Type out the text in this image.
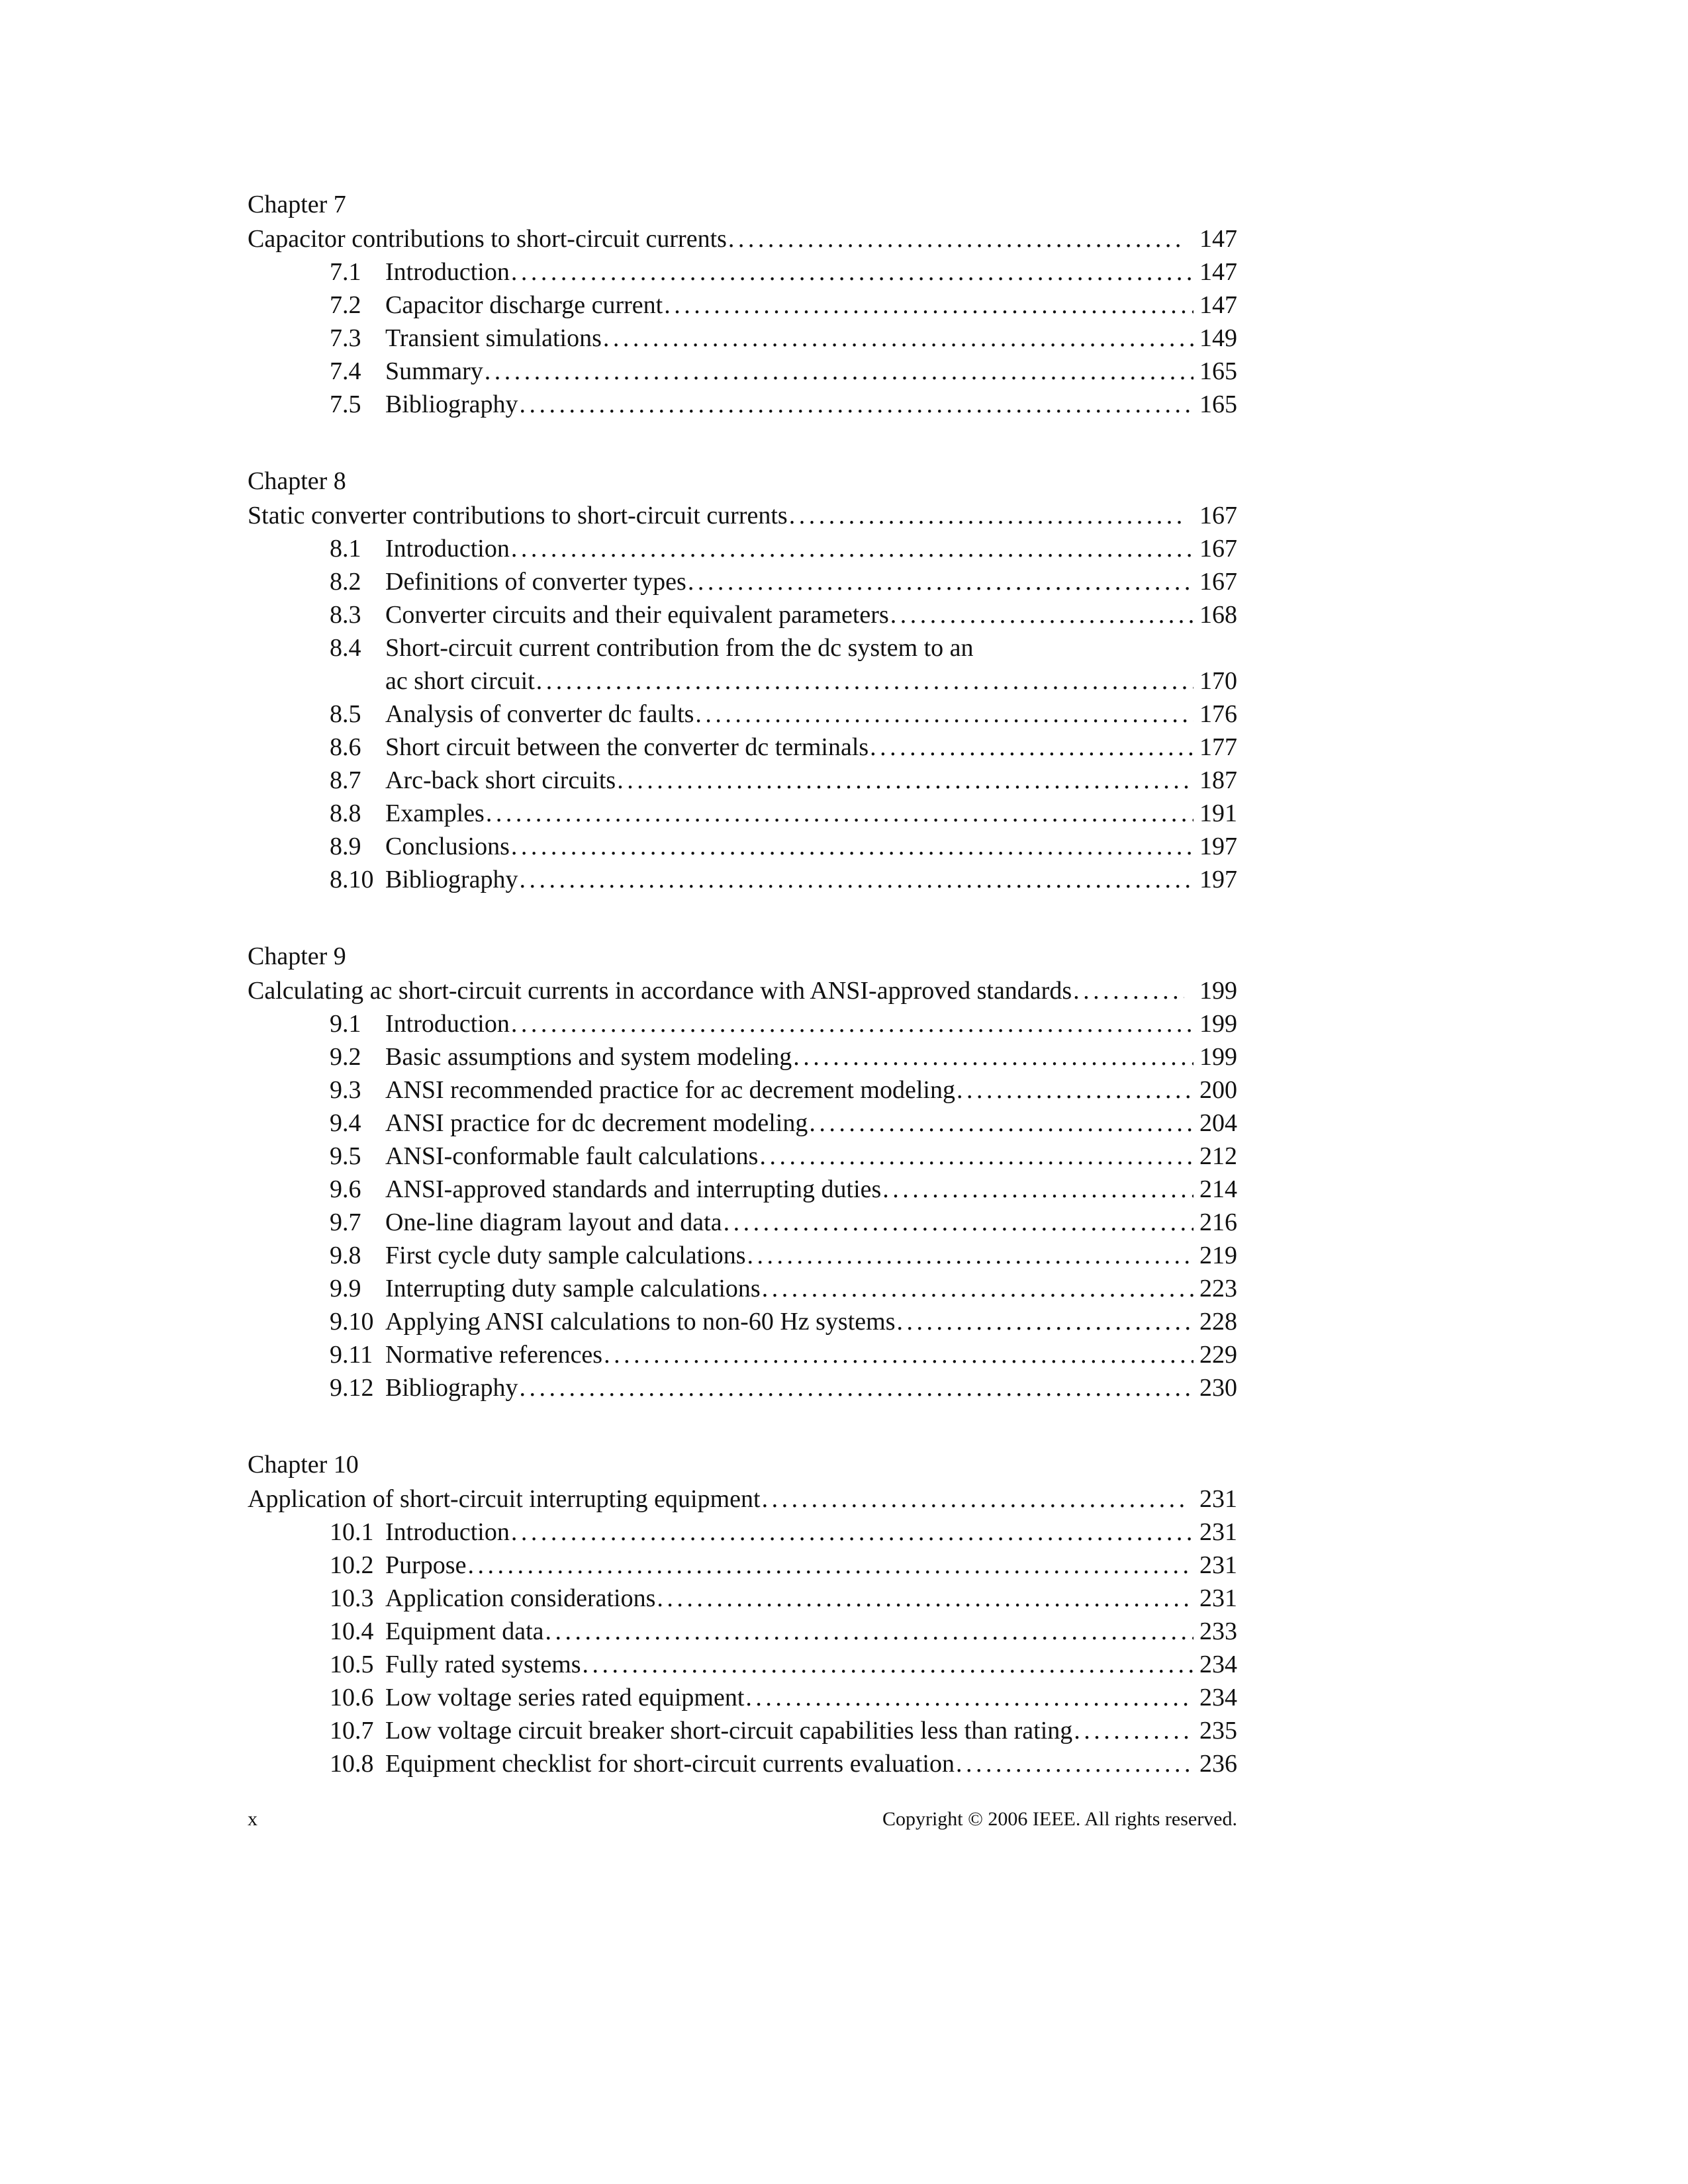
Chapter 7
Capacitor contributions to short-circuit currents . . .	147
7.1 Introduction . . .	147
7.2 Capacitor discharge current . . .	147
7.3 Transient simulations . . .	149
7.4 Summary . . .	165
7.5 Bibliography . . .	165
Chapter 8
Static converter contributions to short-circuit currents . . .	167
8.1 Introduction . . .	167
8.2 Definitions of converter types . . .	167
8.3 Converter circuits and their equivalent parameters . . .	168
8.4 Short-circuit current contribution from the dc system to an
ac short circuit . . .	170
8.5 Analysis of converter dc faults . . .	176
8.6 Short circuit between the converter dc terminals . . .	177
8.7 Arc-back short circuits . . .	187
8.8 Examples . . .	191
8.9 Conclusions . . .	197
8.10 Bibliography . . .	197
Chapter 9
Calculating ac short-circuit currents in accordance with ANSI-approved standards . . .	199
9.1 Introduction . . .	199
9.2 Basic assumptions and system modeling . . .	199
9.3 ANSI recommended practice for ac decrement modeling . . .	200
9.4 ANSI practice for dc decrement modeling . . .	204
9.5 ANSI-conformable fault calculations . . .	212
9.6 ANSI-approved standards and interrupting duties . . .	214
9.7 One-line diagram layout and data . . .	216
9.8 First cycle duty sample calculations . . .	219
9.9 Interrupting duty sample calculations . . .	223
9.10 Applying ANSI calculations to non-60 Hz systems . . .	228
9.11 Normative references . . .	229
9.12 Bibliography . . .	230
Chapter 10
Application of short-circuit interrupting equipment . . .	231
10.1 Introduction . . .	231
10.2 Purpose . . .	231
10.3 Application considerations . . .	231
10.4 Equipment data . . .	233
10.5 Fully rated systems . . .	234
10.6 Low voltage series rated equipment . . .	234
10.7 Low voltage circuit breaker short-circuit capabilities less than rating . . .	235
10.8 Equipment checklist for short-circuit currents evaluation . . .	236
x	Copyright © 2006 IEEE. All rights reserved.
